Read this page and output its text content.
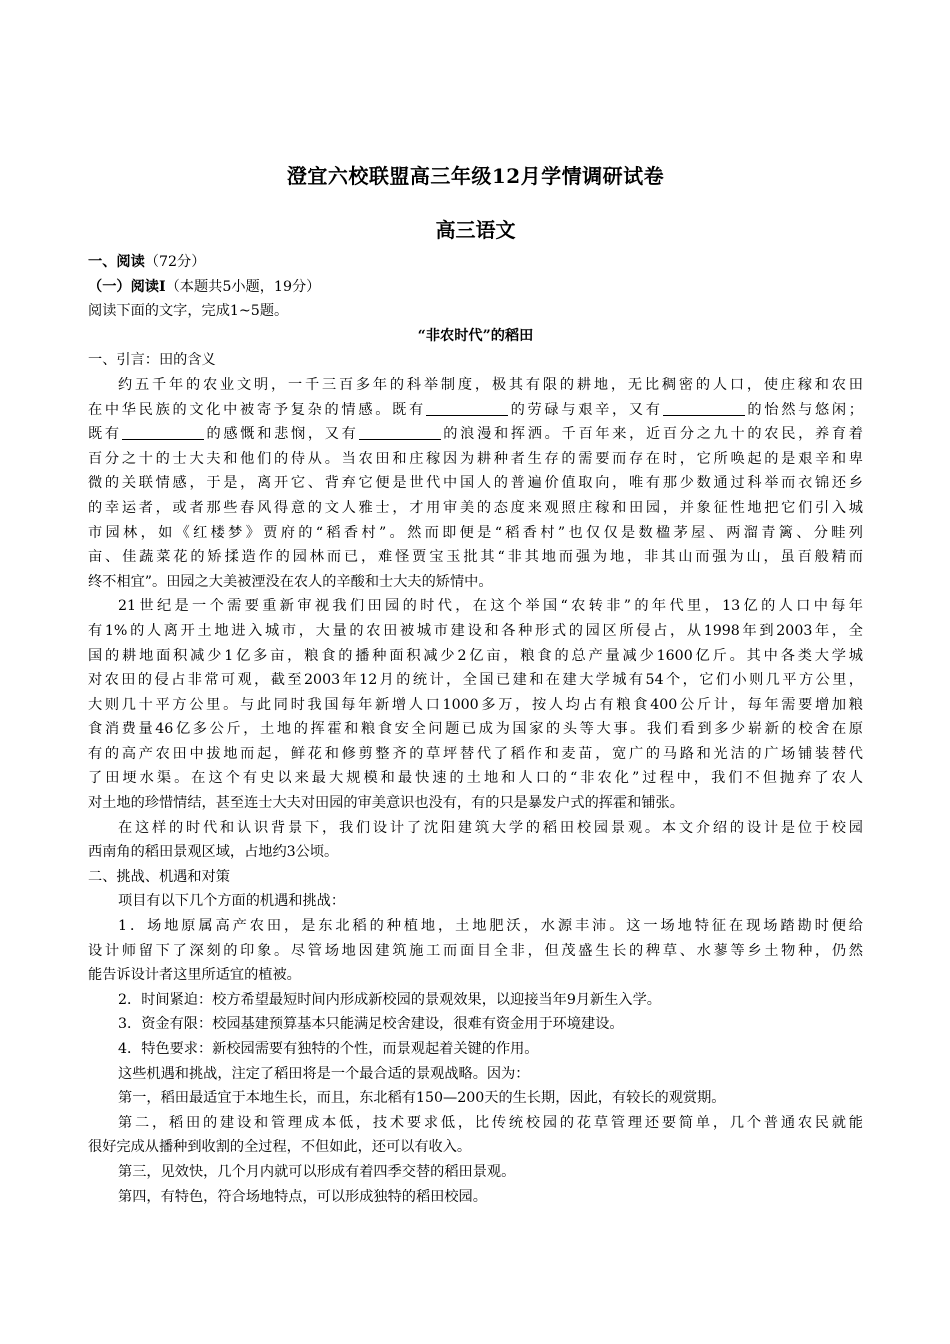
澄宜六校联盟高三年级12月学情调研试卷
高三语文
一、阅读（72分）
（一）阅读Ⅰ（本题共5小题，19分）
阅读下面的文字，完成1~5题。
“非农时代”的稻田
一、引言：田的含义
约五千年的农业文明，一千三百多年的科举制度，极其有限的耕地，无比稠密的人口，使庄稼和农田
在中华民族的文化中被寄予复杂的情感。既有	的劳碌与艰辛，又有	的怡然与悠闲；
既有	的感慨和悲悯，又有	的浪漫和挥洒。千百年来，近百分之九十的农民，养育着
百分之十的士大夫和他们的侍从。当农田和庄稼因为耕种者生存的需要而存在时，它所唤起的是艰辛和卑
微的关联情感，于是，离开它、背弃它便是世代中国人的普遍价值取向，唯有那少数通过科举而衣锦还乡
的幸运者，或者那些春风得意的文人雅士，才用审美的态度来观照庄稼和田园，并象征性地把它们引入城
市园林，如《红楼梦》贾府的“稻香村”。然而即便是“稻香村”也仅仅是数楹茅屋、两溜青篱、分畦列
亩、佳蔬菜花的矫揉造作的园林而已，难怪贾宝玉批其“非其地而强为地，非其山而强为山，虽百般精而
终不相宜”。田园之大美被湮没在农人的辛酸和士大夫的矫情中。
21世纪是一个需要重新审视我们田园的时代，在这个举国“农转非”的年代里，13亿的人口中每年
有1%的人离开土地进入城市，大量的农田被城市建设和各种形式的园区所侵占，从1998年到2003年，全
国的耕地面积减少1亿多亩，粮食的播种面积减少2亿亩，粮食的总产量减少1600亿斤。其中各类大学城
对农田的侵占非常可观，截至2003年12月的统计，全国已建和在建大学城有54个，它们小则几平方公里，
大则几十平方公里。与此同时我国每年新增人口1000多万，按人均占有粮食400公斤计，每年需要增加粮
食消费量46亿多公斤，土地的挥霍和粮食安全问题已成为国家的头等大事。我们看到多少崭新的校舍在原
有的高产农田中拔地而起，鲜花和修剪整齐的草坪替代了稻作和麦苗，宽广的马路和光洁的广场铺装替代
了田埂水渠。在这个有史以来最大规模和最快速的土地和人口的“非农化”过程中，我们不但抛弃了农人
对土地的珍惜情结，甚至连士大夫对田园的审美意识也没有，有的只是暴发户式的挥霍和铺张。
在这样的时代和认识背景下，我们设计了沈阳建筑大学的稻田校园景观。本文介绍的设计是位于校园
西南角的稻田景观区域，占地约3公顷。
二、挑战、机遇和对策
项目有以下几个方面的机遇和挑战：
1．场地原属高产农田，是东北稻的种植地，土地肥沃，水源丰沛。这一场地特征在现场踏勘时便给
设计师留下了深刻的印象。尽管场地因建筑施工而面目全非，但茂盛生长的稗草、水蓼等乡土物种，仍然
能告诉设计者这里所适宜的植被。
2．时间紧迫：校方希望最短时间内形成新校园的景观效果，以迎接当年9月新生入学。
3．资金有限：校园基建预算基本只能满足校舍建设，很难有资金用于环境建设。
4．特色要求：新校园需要有独特的个性，而景观起着关键的作用。
这些机遇和挑战，注定了稻田将是一个最合适的景观战略。因为：
第一，稻田最适宜于本地生长，而且，东北稻有150—200天的生长期，因此，有较长的观赏期。
第二，稻田的建设和管理成本低，技术要求低，比传统校园的花草管理还要简单，几个普通农民就能
很好完成从播种到收割的全过程，不但如此，还可以有收入。
第三，见效快，几个月内就可以形成有着四季交替的稻田景观。
第四，有特色，符合场地特点，可以形成独特的稻田校园。
